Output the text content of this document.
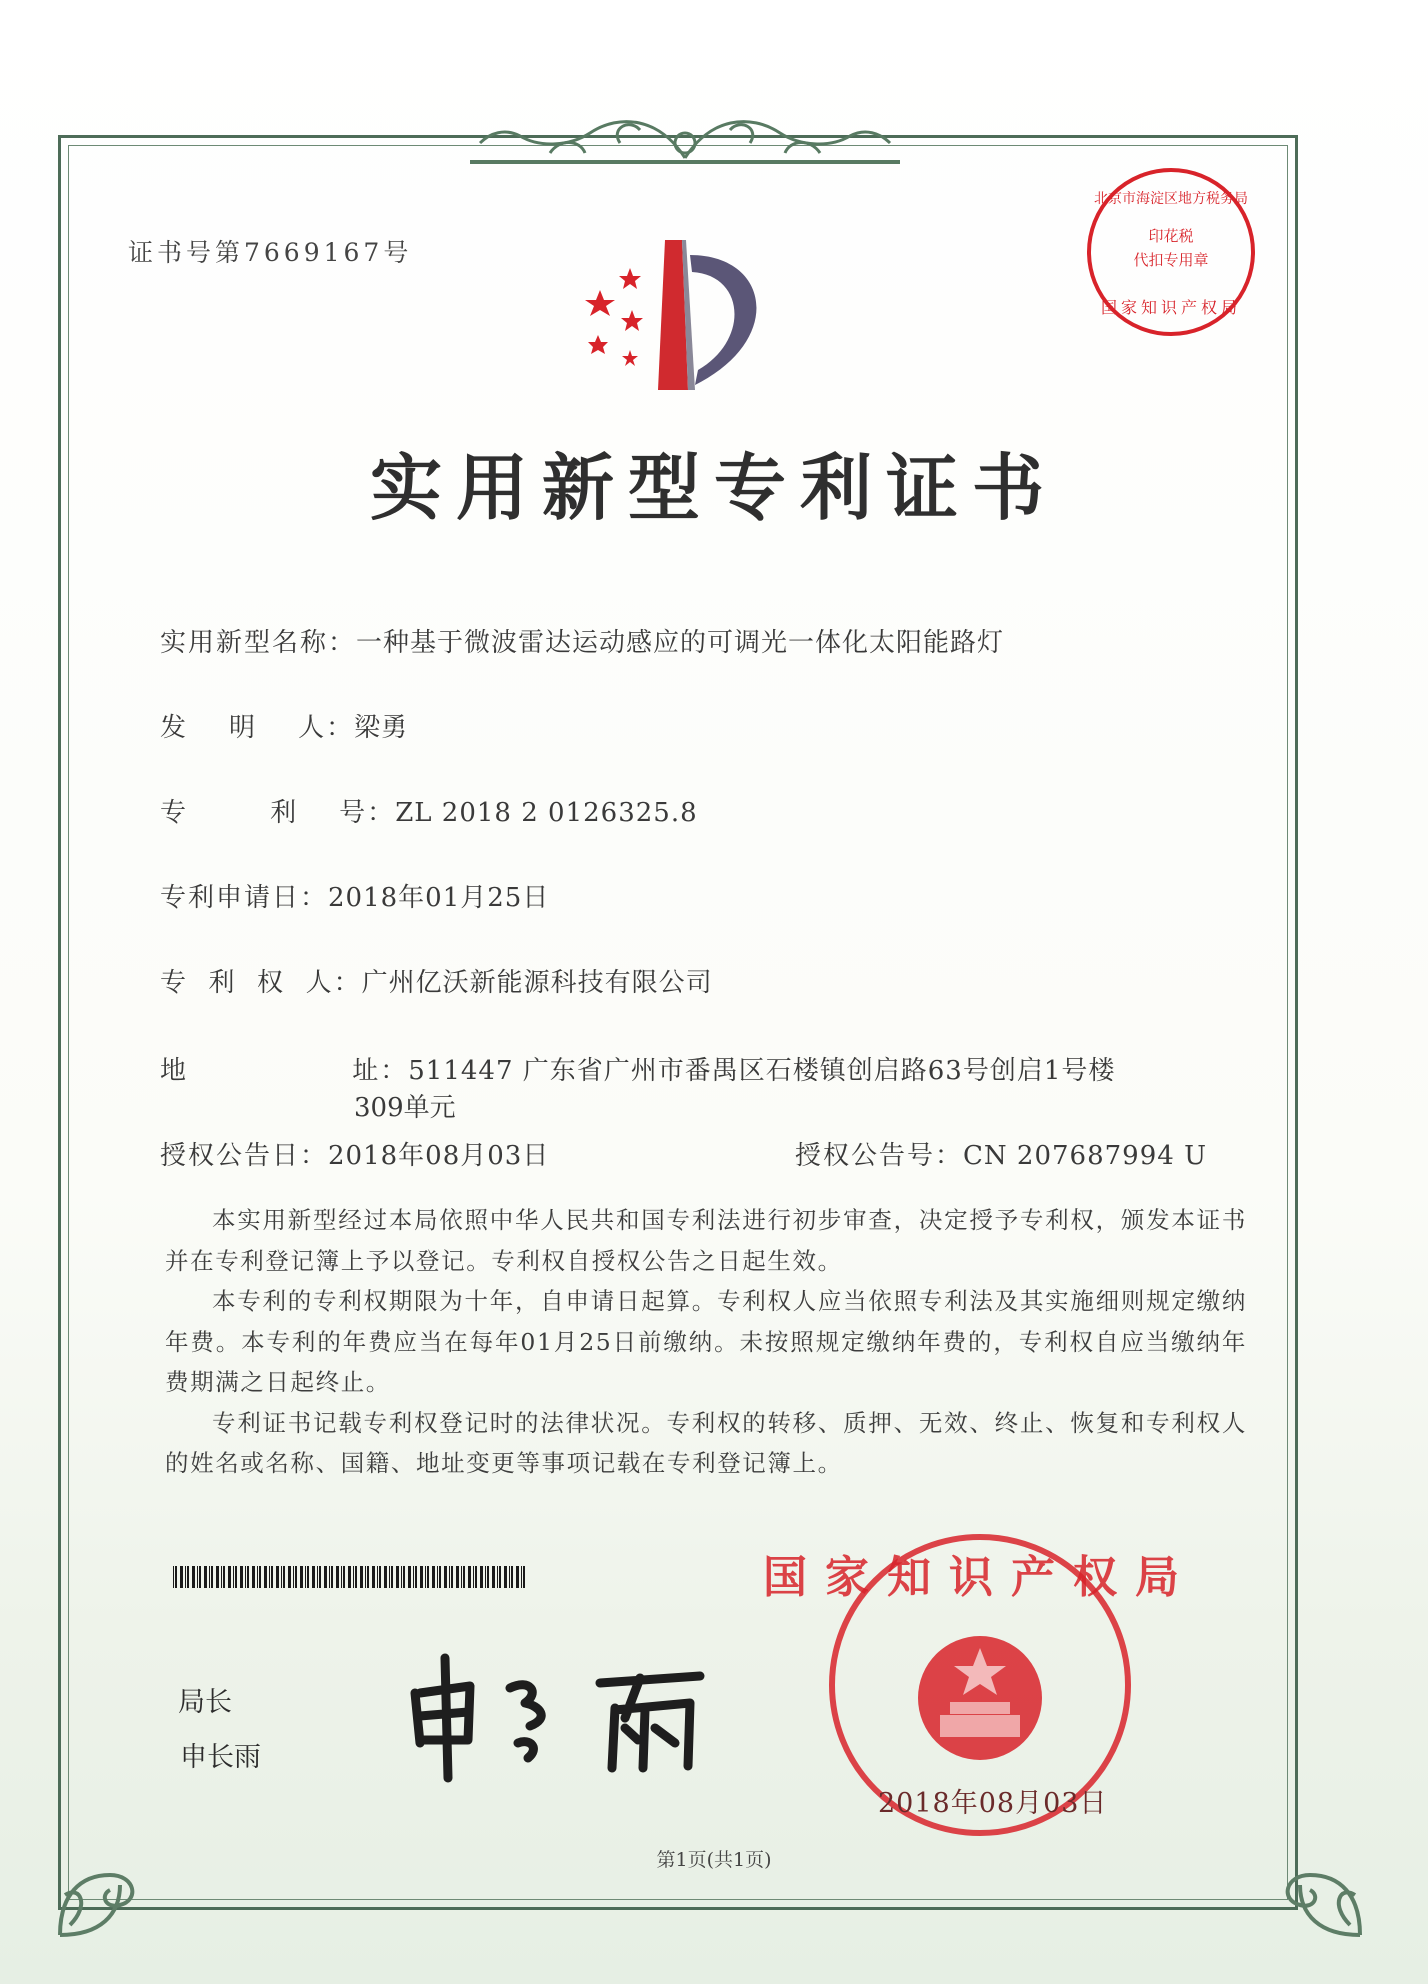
证书号第7669167号
印花税
代扣专用章
北京市海淀区地方税务局
国家知识产权局
实用新型专利证书
实用新型名称： 一种基于微波雷达运动感应的可调光一体化太阳能路灯
发    明    人： 梁勇
专        利    号： ZL 2018 2 0126325.8
专利申请日： 2018年01月25日
专  利  权  人： 广州亿沃新能源科技有限公司
地                址： 511447 广东省广州市番禺区石楼镇创启路63号创启1号楼
309单元
授权公告日： 2018年08月03日	授权公告号： CN 207687994 U

本实用新型经过本局依照中华人民共和国专利法进行初步审查，决定授予专利权，颁发本证书并在专利登记簿上予以登记。专利权自授权公告之日起生效。

本专利的专利权期限为十年，自申请日起算。专利权人应当依照专利法及其实施细则规定缴纳年费。本专利的年费应当在每年01月25日前缴纳。未按照规定缴纳年费的，专利权自应当缴纳年费期满之日起终止。

专利证书记载专利权登记时的法律状况。专利权的转移、质押、无效、终止、恢复和专利权人的姓名或名称、国籍、地址变更等事项记载在专利登记簿上。

局长
申长雨
国家知识产权局
2018年08月03日
第1页(共1页)
